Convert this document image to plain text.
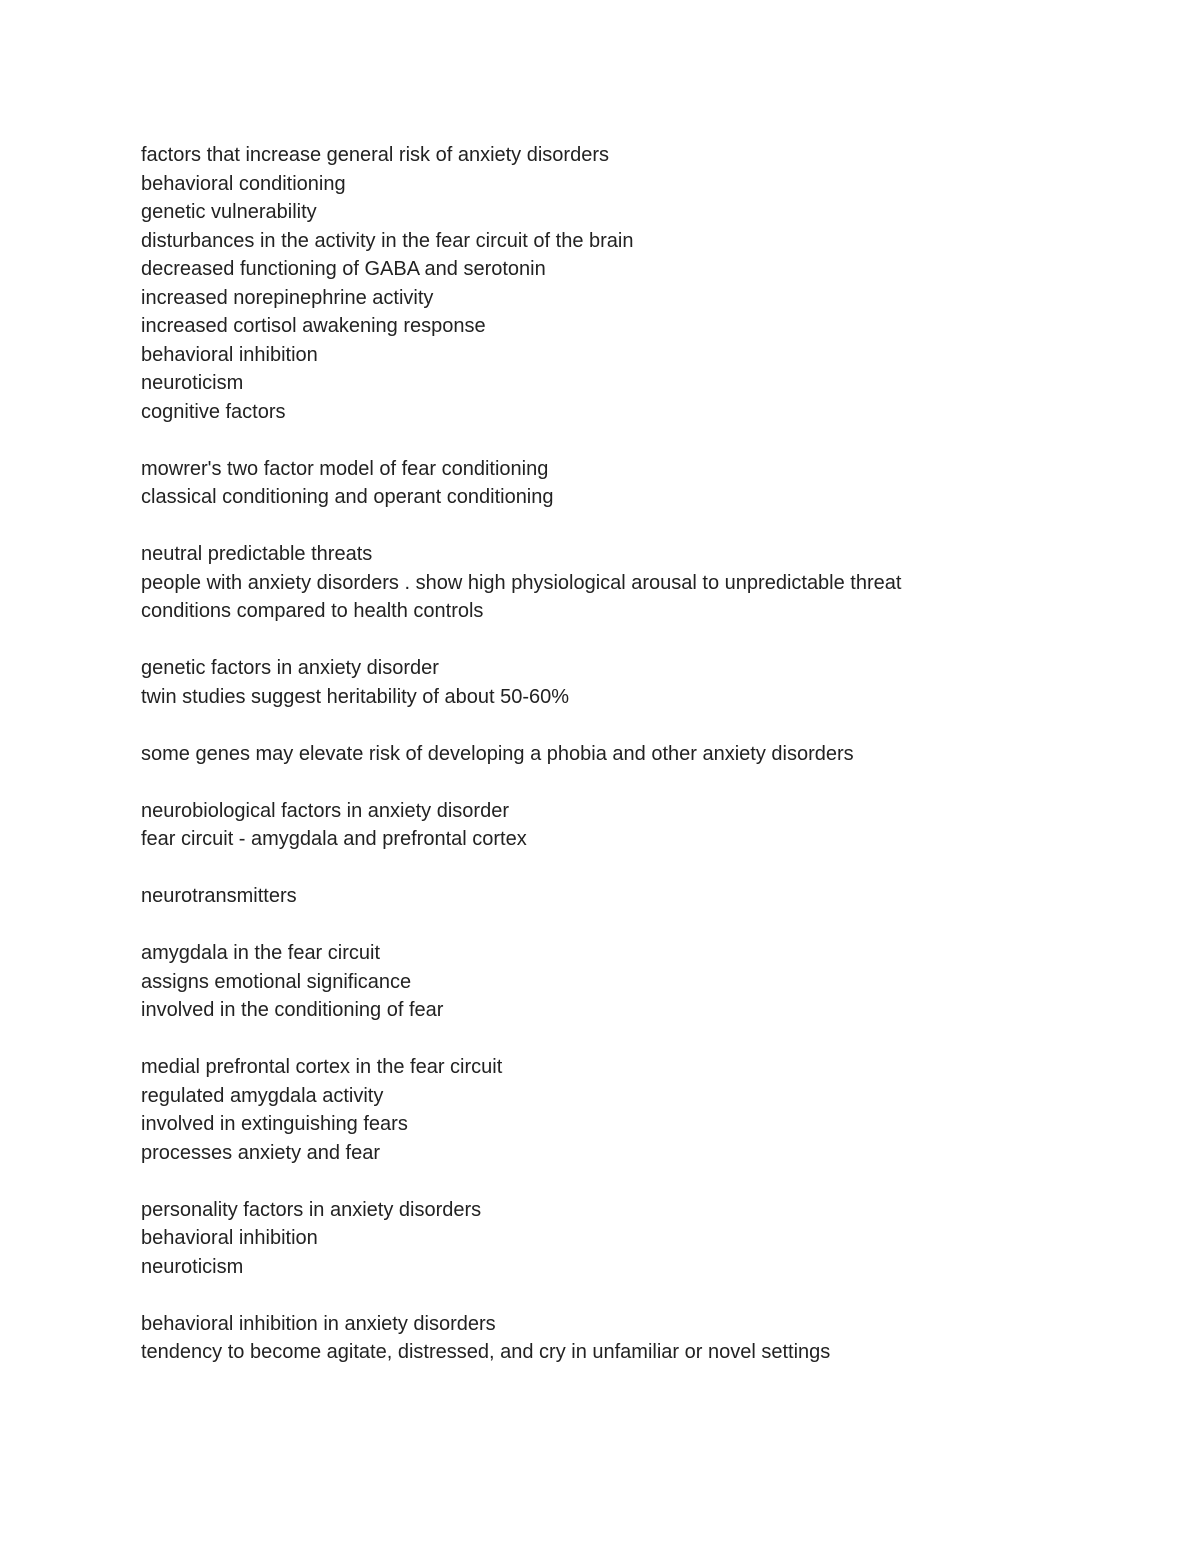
factors that increase general risk of anxiety disorders
behavioral conditioning
genetic vulnerability
disturbances in the activity in the fear circuit of the brain
decreased functioning of GABA and serotonin
increased norepinephrine activity
increased cortisol awakening response
behavioral inhibition
neuroticism
cognitive factors
mowrer's two factor model of fear conditioning
classical conditioning and operant conditioning
neutral predictable threats
people with anxiety disorders . show high physiological arousal to unpredictable threat
conditions compared to health controls
genetic factors in anxiety disorder
twin studies suggest heritability of about 50-60%
some genes may elevate risk of developing a phobia and other anxiety disorders
neurobiological factors in anxiety disorder
fear circuit - amygdala and prefrontal cortex
neurotransmitters
amygdala in the fear circuit
assigns emotional significance
involved in the conditioning of fear
medial prefrontal cortex in the fear circuit
regulated amygdala activity
involved in extinguishing fears
processes anxiety and fear
personality factors in anxiety disorders
behavioral inhibition
neuroticism
behavioral inhibition in anxiety disorders
tendency to become agitate, distressed, and cry in unfamiliar or novel settings
